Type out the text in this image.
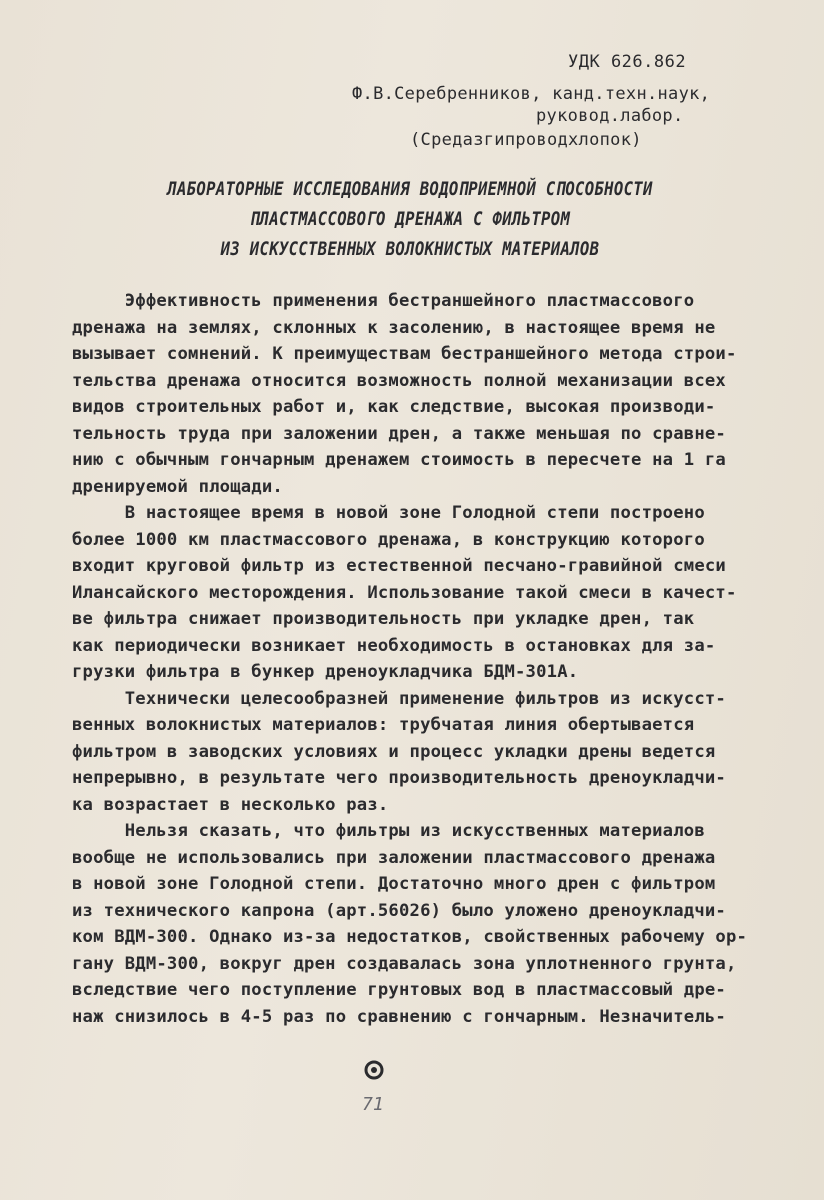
УДК 626.862
Ф.В.Серебренников, канд.техн.наук,
руковод.лабор.
(Средазгипроводхлопок)
ЛАБОРАТОРНЫЕ ИССЛЕДОВАНИЯ ВОДОПРИЕМНОЙ СПОСОБНОСТИ
ПЛАСТМАССОВОГО ДРЕНАЖА С ФИЛЬТРОМ
ИЗ ИСКУССТВЕННЫХ ВОЛОКНИСТЫХ МАТЕРИАЛОВ
Эффективность применения бестраншейного пластмассового
дренажа на землях, склонных к засолению, в настоящее время не
вызывает сомнений. К преимуществам бестраншейного метода строи-
тельства дренажа относится возможность полной механизации всех
видов строительных работ и, как следствие, высокая производи-
тельность труда при заложении дрен, а также меньшая по сравне-
нию с обычным гончарным дренажем стоимость в пересчете на 1 га
дренируемой площади.
В настоящее время в новой зоне Голодной степи построено
более 1000 км пластмассового дренажа, в конструкцию которого
входит круговой фильтр из естественной песчано-гравийной смеси
Илансайского месторождения. Использование такой смеси в качест-
ве фильтра снижает производительность при укладке дрен, так
как периодически возникает необходимость в остановках для за-
грузки фильтра в бункер дреноукладчика БДМ-301А.
Технически целесообразней применение фильтров из искусст-
венных волокнистых материалов: трубчатая линия обертывается
фильтром в заводских условиях и процесс укладки дрены ведется
непрерывно, в результате чего производительность дреноукладчи-
ка возрастает в несколько раз.
Нельзя сказать, что фильтры из искусственных материалов
вообще не использовались при заложении пластмассового дренажа
в новой зоне Голодной степи. Достаточно много дрен с фильтром
из технического капрона (арт.56026) было уложено дреноукладчи-
ком ВДМ-300. Однако из-за недостатков, свойственных рабочему ор-
гану ВДМ-300, вокруг дрен создавалась зона уплотненного грунта,
вследствие чего поступление грунтовых вод в пластмассовый дре-
наж снизилось в 4-5 раз по сравнению с гончарным. Незначитель-
71
